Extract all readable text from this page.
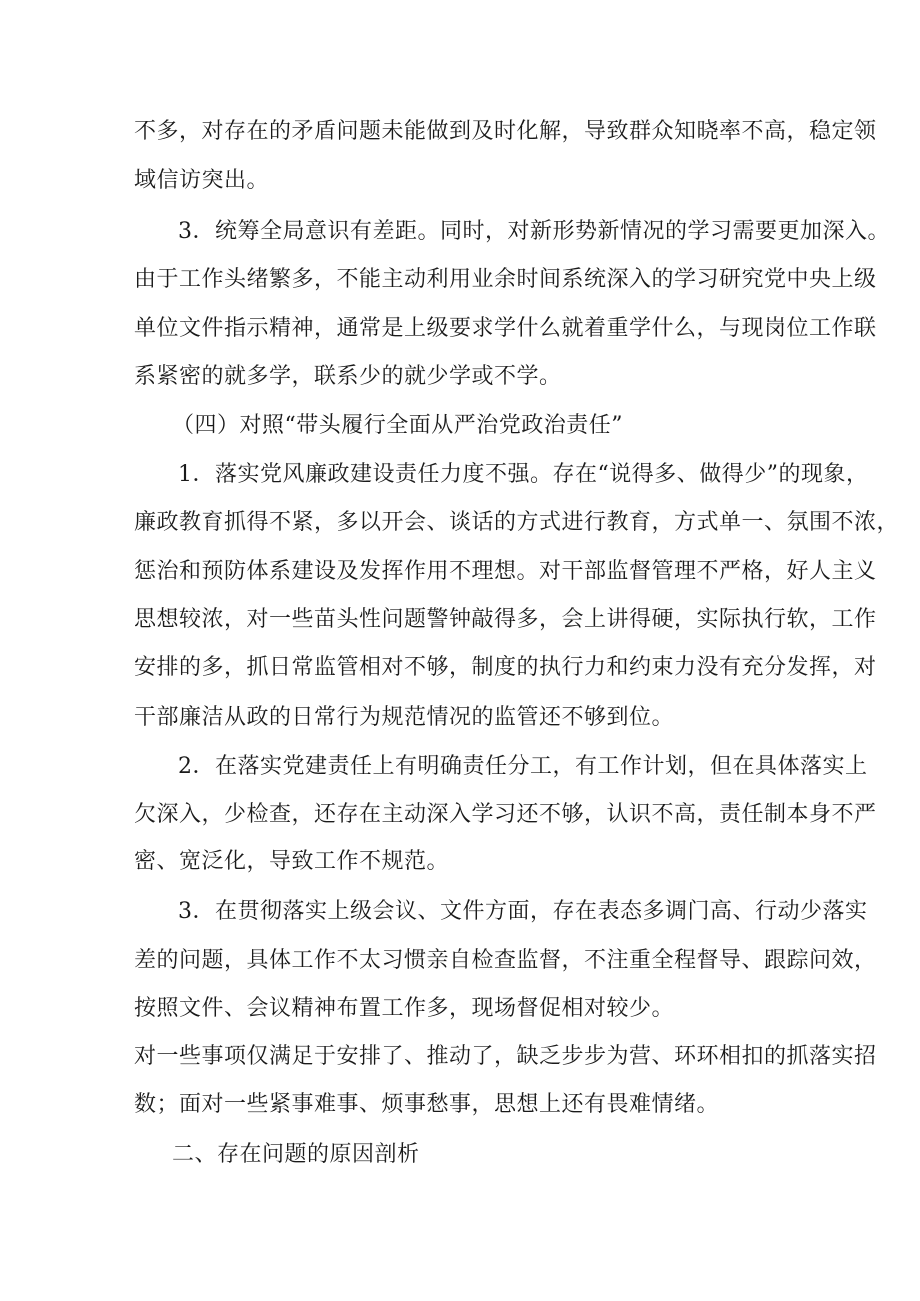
不多，对存在的矛盾问题未能做到及时化解，导致群众知晓率不高，稳定领
域信访突出。
3．统筹全局意识有差距。同时，对新形势新情况的学习需要更加深入。
由于工作头绪繁多，不能主动利用业余时间系统深入的学习研究党中央上级
单位文件指示精神，通常是上级要求学什么就着重学什么，与现岗位工作联
系紧密的就多学，联系少的就少学或不学。
（四）对照“带头履行全面从严治党政治责任”
1．落实党风廉政建设责任力度不强。存在“说得多、做得少”的现象，
廉政教育抓得不紧，多以开会、谈话的方式进行教育，方式单一、氛围不浓，
惩治和预防体系建设及发挥作用不理想。对干部监督管理不严格，好人主义
思想较浓，对一些苗头性问题警钟敲得多，会上讲得硬，实际执行软，工作
安排的多，抓日常监管相对不够，制度的执行力和约束力没有充分发挥，对
干部廉洁从政的日常行为规范情况的监管还不够到位。
2．在落实党建责任上有明确责任分工，有工作计划，但在具体落实上
欠深入，少检查，还存在主动深入学习还不够，认识不高，责任制本身不严
密、宽泛化，导致工作不规范。
3．在贯彻落实上级会议、文件方面，存在表态多调门高、行动少落实
差的问题，具体工作不太习惯亲自检查监督，不注重全程督导、跟踪问效，
按照文件、会议精神布置工作多，现场督促相对较少。
对一些事项仅满足于安排了、推动了，缺乏步步为营、环环相扣的抓落实招
数；面对一些紧事难事、烦事愁事，思想上还有畏难情绪。
二、存在问题的原因剖析
